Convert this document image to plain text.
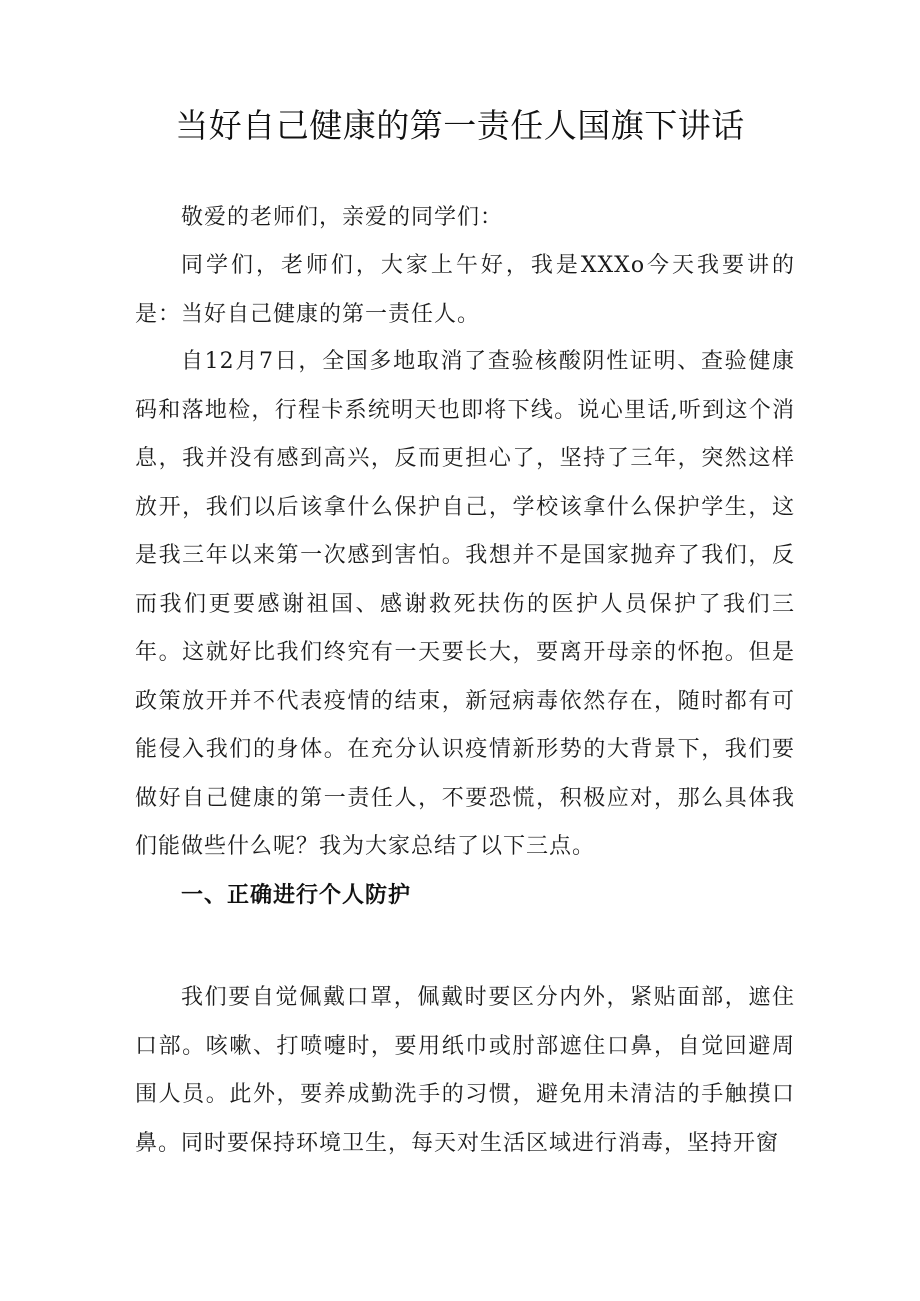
当好自己健康的第一责任人国旗下讲话

敬爱的老师们，亲爱的同学们：

同学们，老师们，大家上午好，我是XXXo今天我要讲的是：当好自己健康的第一责任人。

自12月7日，全国多地取消了查验核酸阴性证明、查验健康码和落地检，行程卡系统明天也即将下线。说心里话,听到这个消息，我并没有感到高兴，反而更担心了，坚持了三年，突然这样放开，我们以后该拿什么保护自己，学校该拿什么保护学生，这是我三年以来第一次感到害怕。我想并不是国家抛弃了我们，反而我们更要感谢祖国、感谢救死扶伤的医护人员保护了我们三年。这就好比我们终究有一天要长大，要离开母亲的怀抱。但是政策放开并不代表疫情的结束，新冠病毒依然存在，随时都有可能侵入我们的身体。在充分认识疫情新形势的大背景下，我们要做好自己健康的第一责任人，不要恐慌，积极应对，那么具体我们能做些什么呢？我为大家总结了以下三点。

一、正确进行个人防护

我们要自觉佩戴口罩，佩戴时要区分内外，紧贴面部，遮住口部。咳嗽、打喷嚏时，要用纸巾或肘部遮住口鼻，自觉回避周围人员。此外，要养成勤洗手的习惯，避免用未清洁的手触摸口鼻。同时要保持环境卫生，每天对生活区域进行消毒，坚持开窗
